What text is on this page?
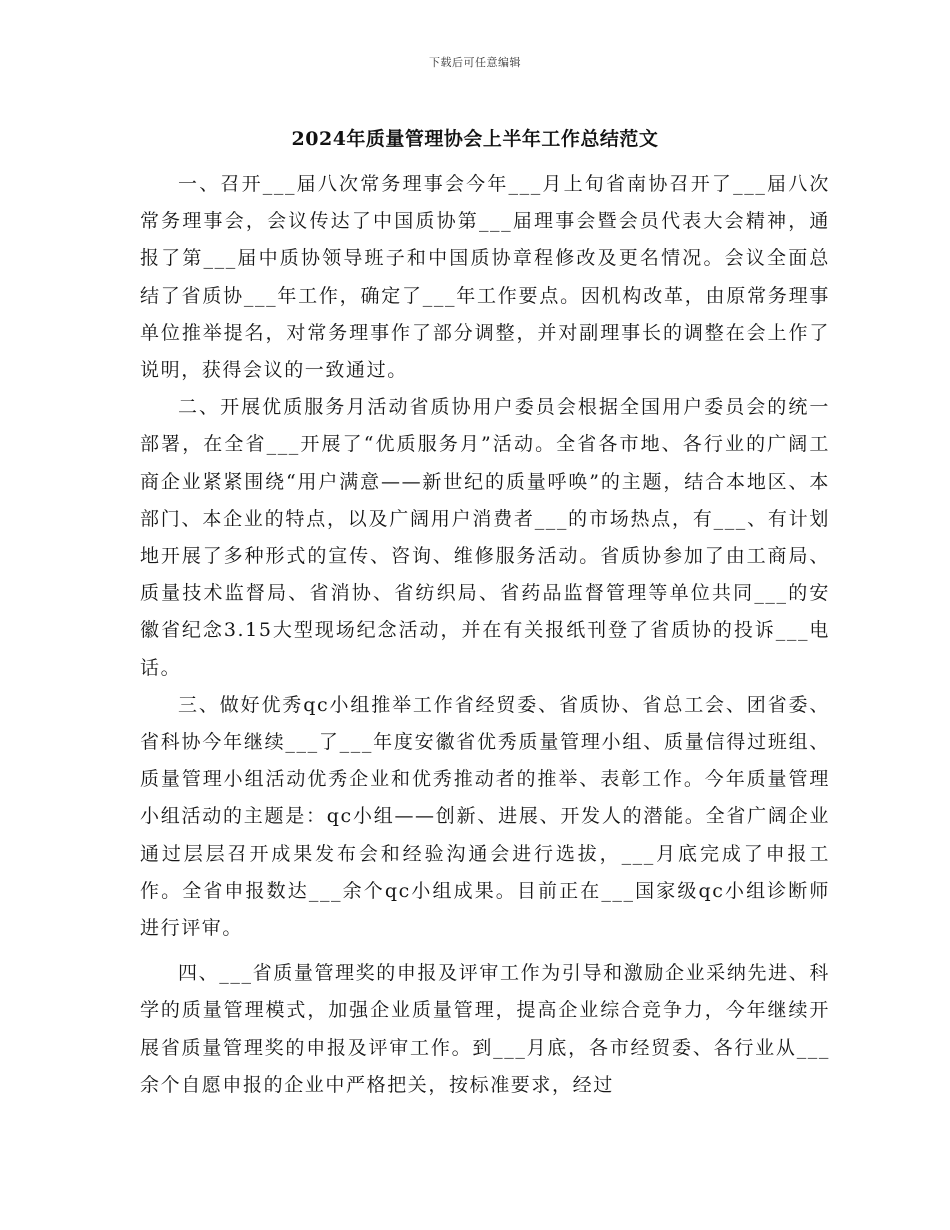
下载后可任意编辑
2024年质量管理协会上半年工作总结范文

一、召开___届八次常务理事会今年___月上旬省南协召开了___届八次常务理事会，会议传达了中国质协第___届理事会暨会员代表大会精神，通报了第___届中质协领导班子和中国质协章程修改及更名情况。会议全面总结了省质协___年工作，确定了___年工作要点。因机构改革，由原常务理事单位推举提名，对常务理事作了部分调整，并对副理事长的调整在会上作了说明，获得会议的一致通过。

二、开展优质服务月活动省质协用户委员会根据全国用户委员会的统一部署，在全省___开展了“优质服务月”活动。全省各市地、各行业的广阔工商企业紧紧围绕“用户满意——新世纪的质量呼唤”的主题，结合本地区、本部门、本企业的特点，以及广阔用户消费者___的市场热点，有___、有计划地开展了多种形式的宣传、咨询、维修服务活动。省质协参加了由工商局、质量技术监督局、省消协、省纺织局、省药品监督管理等单位共同___的安徽省纪念3.15大型现场纪念活动，并在有关报纸刊登了省质协的投诉___电话。

三、做好优秀qc小组推举工作省经贸委、省质协、省总工会、团省委、省科协今年继续___了___年度安徽省优秀质量管理小组、质量信得过班组、质量管理小组活动优秀企业和优秀推动者的推举、表彰工作。今年质量管理小组活动的主题是：qc小组——创新、进展、开发人的潜能。全省广阔企业通过层层召开成果发布会和经验沟通会进行选拔，___月底完成了申报工作。全省申报数达___余个qc小组成果。目前正在___国家级qc小组诊断师进行评审。

四、___省质量管理奖的申报及评审工作为引导和激励企业采纳先进、科学的质量管理模式，加强企业质量管理，提高企业综合竞争力，今年继续开展省质量管理奖的申报及评审工作。到___月底，各市经贸委、各行业从___余个自愿申报的企业中严格把关，按标准要求，经过
